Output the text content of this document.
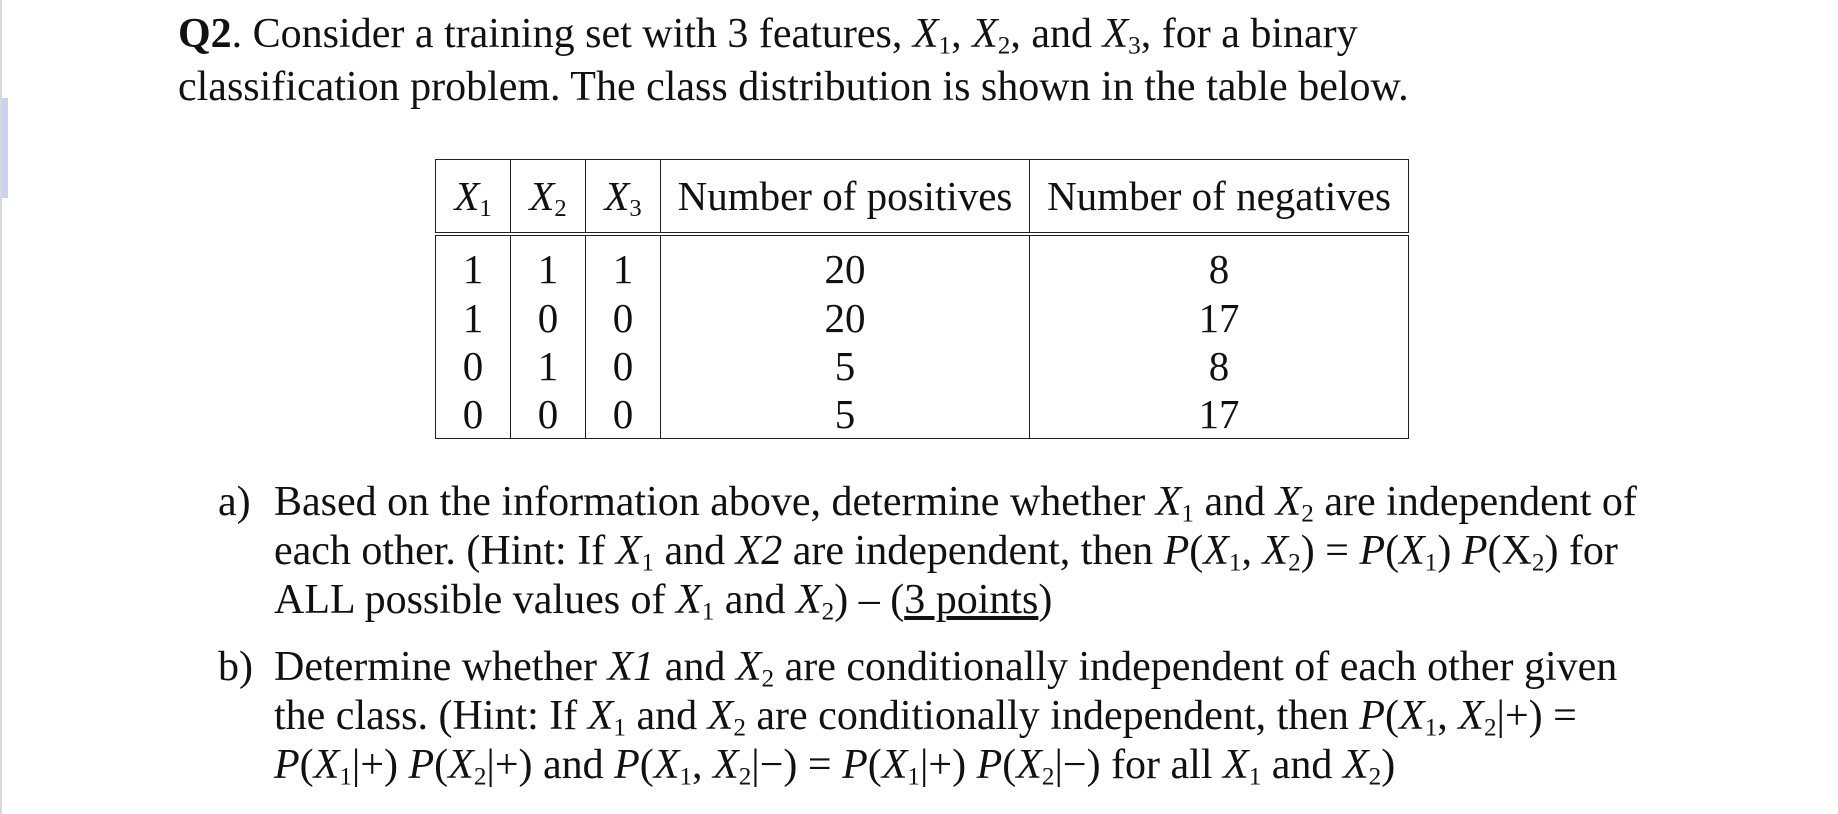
Q2. Consider a training set with 3 features, $X_1$, $X_2$, and $X_3$, for a binary classification problem. The class distribution is shown in the table below.
$X_1$	$X_2$	$X_3$	Number of positives	Number of negatives
1	1	1	20	8
1	0	0	20	17
0	1	0	5	8
0	0	0	5	17
a) Based on the information above, determine whether $X_1$ and $X_2$ are independent of each other. (Hint: If $X_1$ and X2 are independent, then $P(X_1$, $X_2) = P(X_1)$ $P(X_2)$ for ALL possible values of $X_1$ and $X_2) - (3$ points)
b) Determine whether X1 and $X_2$ are conditionally independent of each other given the class. (Hint: If $X_1$ and $X_2$ are conditionally independent, then $P(X_1$, $X_2|+) = P(X_1|+)$ $P(X_2|+)$ and $P(X_1$, $X_2|-) = P(X_1|+)$ $P(X_2|-)$ for all $X_1$ and $X_2$)
